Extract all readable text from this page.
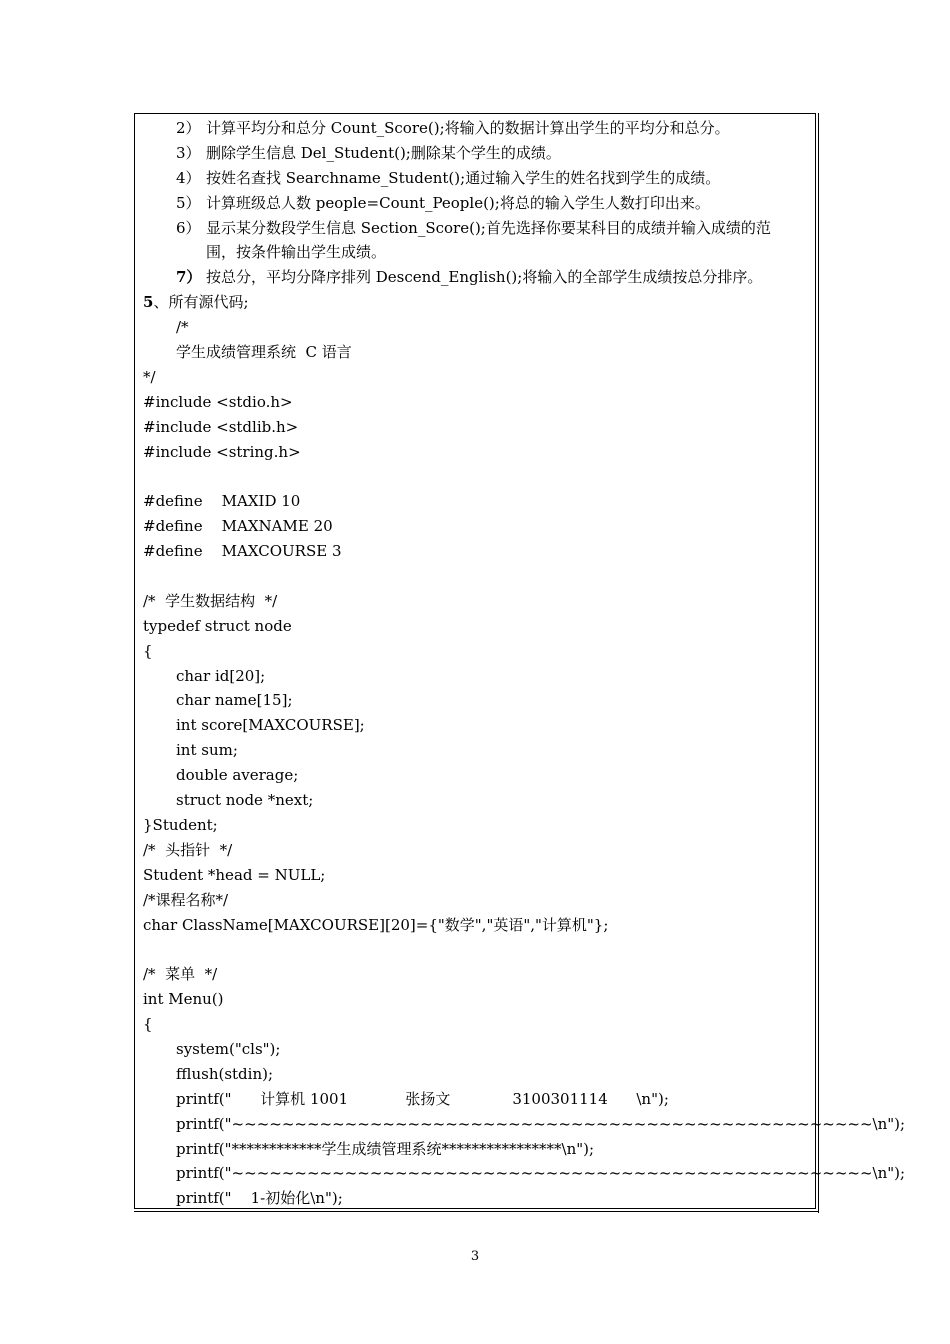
2） 计算平均分和总分 Count_Score();将输入的数据计算出学生的平均分和总分。
3） 删除学生信息 Del_Student();删除某个学生的成绩。
4） 按姓名查找 Searchname_Student();通过输入学生的姓名找到学生的成绩。
5） 计算班级总人数 people=Count_People();将总的输入学生人数打印出来。
6） 显示某分数段学生信息 Section_Score();首先选择你要某科目的成绩并输入成绩的范
围，按条件输出学生成绩。
7） 按总分，平均分降序排列 Descend_English();将输入的全部学生成绩按总分排序。
5、所有源代码;
/*
学生成绩管理系统  C 语言
*/
#include <stdio.h>
#include <stdlib.h>
#include <string.h>
#define    MAXID 10
#define    MAXNAME 20
#define    MAXCOURSE 3
/*  学生数据结构  */
typedef struct node
{
char id[20];
char name[15];
int score[MAXCOURSE];
int sum;
double average;
struct node *next;
}Student;
/*  头指针  */
Student *head = NULL;
/*课程名称*/
char ClassName[MAXCOURSE][20]={"数学","英语","计算机"};
/*  菜单  */
int Menu()
{
system("cls");
fflush(stdin);
printf("      计算机 1001            张扬文             3100301114      \n");
printf("~~~~~~~~~~~~~~~~~~~~~~~~~~~~~~~~~~~~~~~~~~~~~~~~~~~\n");
printf("************学生成绩管理系统****************\n");
printf("~~~~~~~~~~~~~~~~~~~~~~~~~~~~~~~~~~~~~~~~~~~~~~~~~~~\n");
printf("    1-初始化\n");
3
